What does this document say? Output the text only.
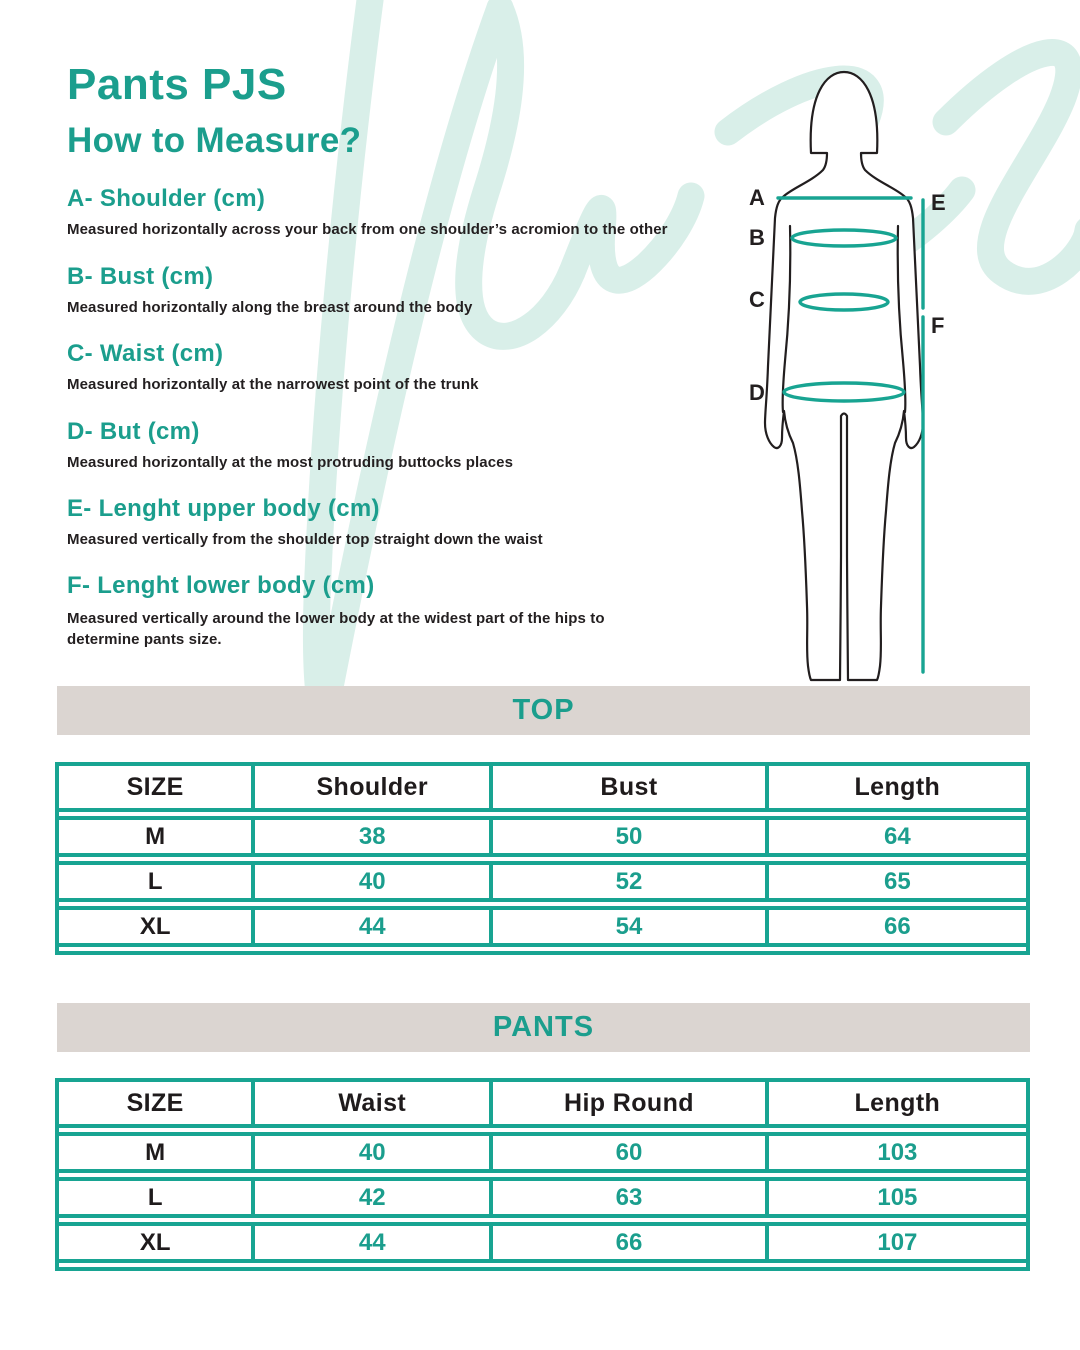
Pants PJS
How to Measure?
A- Shoulder (cm)
Measured horizontally across your back from one shoulder’s acromion to the other
B- Bust (cm)
Measured horizontally along the breast around the body
C- Waist (cm)
Measured horizontally at the narrowest point of the trunk
D- But (cm)
Measured horizontally at the most protruding buttocks places
E- Lenght upper body (cm)
Measured vertically from the shoulder top straight down the waist
F- Lenght lower body (cm)
Measured vertically around the lower body at the widest part of the hips to determine pants size.
A
B
C
D
E
F
TOP
SIZE	Shoulder	Bust	Length
M	38	50	64
L	40	52	65
XL	44	54	66
PANTS
SIZE	Waist	Hip Round	Length
M	40	60	103
L	42	63	105
XL	44	66	107
